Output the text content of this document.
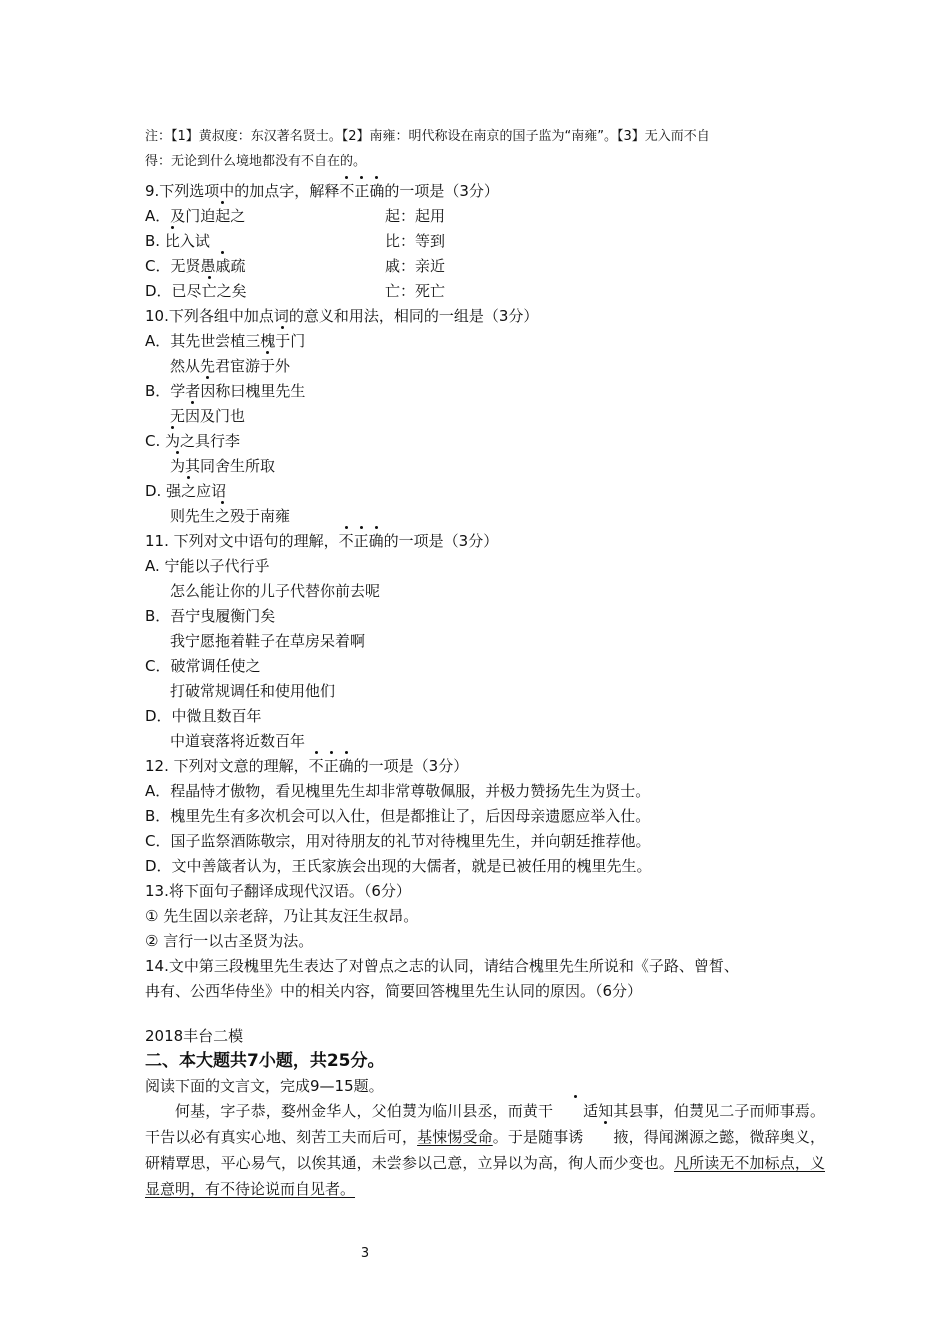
注：【1】黄叔度：东汉著名贤士。【2】南雍：明代称设在南京的国子监为“南雍”。【3】无入而不自

得：无论到什么境地都没有不自在的。

9.下列选项中的加点字，解释不正确的一项是（3分）

A．及门迫起之	起：起用

B. 比入试	比：等到

C．无贤愚戚疏	戚：亲近

D．已尽亡之矣	亡：死亡

10.下列各组中加点词的意义和用法，相同的一组是（3分）

A．其先世尝植三槐于门

然从先君宦游于外

B．学者因称曰槐里先生

无因及门也

C. 为之具行李

为其同舍生所取

D. 强之应诏

则先生之殁于南雍

11. 下列对文中语句的理解，不正确的一项是（3分）

A. 宁能以子代行乎

怎么能让你的儿子代替你前去呢

B．吾宁曳履衡门矣

我宁愿拖着鞋子在草房呆着啊

C．破常调任使之

打破常规调任和使用他们

D．中微且数百年

中道衰落将近数百年

12. 下列对文意的理解，不正确的一项是（3分）

A．程晶恃才傲物，看见槐里先生却非常尊敬佩服，并极力赞扬先生为贤士。

B．槐里先生有多次机会可以入仕，但是都推让了，后因母亲遗愿应举入仕。

C．国子监祭酒陈敬宗，用对待朋友的礼节对待槐里先生，并向朝廷推荐他。

D．文中善箴者认为，王氏家族会出现的大儒者，就是已被任用的槐里先生。

13.将下面句子翻译成现代汉语。（6分）

① 先生固以亲老辞，乃让其友汪生叔昂。

② 言行一以古圣贤为法。

14.文中第三段槐里先生表达了对曾点之志的认同，请结合槐里先生所说和《子路、曾皙、

冉有、公西华侍坐》中的相关内容，简要回答槐里先生认同的原因。（6分）

2018丰台二模

二、本大题共7小题，共25分。

阅读下面的文言文，完成9—15题。

何基，字子恭，婺州金华人，父伯熭为临川县丞，而黄干 适知其县事，伯熭见二子而师事焉。干告以必有真实心地、刻苦工夫而后可，基悚惕受命。于是随事诱 掖，得闻渊源之懿，微辞奥义，研精覃思，平心易气，以俟其通，未尝参以己意，立异以为高，徇人而少变也。凡所读无不加标点，义显意明，有不待论说而自见者。

3
